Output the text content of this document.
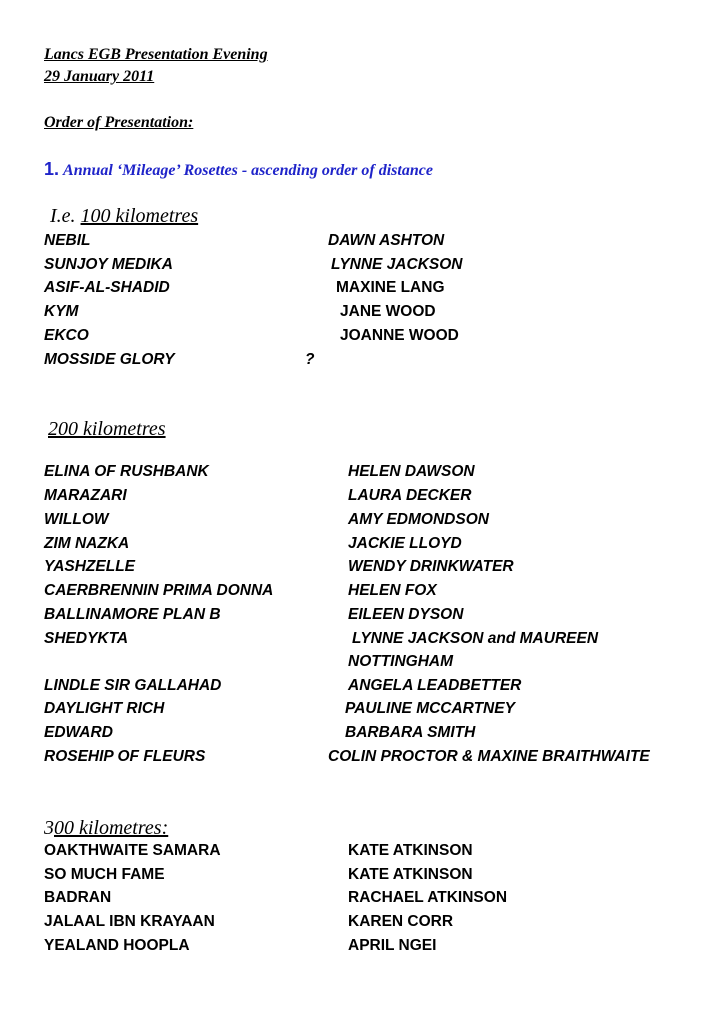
Lancs EGB Presentation Evening
29 January 2011
Order of Presentation:
1. Annual ‘Mileage’ Rosettes - ascending order of distance
I.e. 100 kilometres
NEBIL	DAWN ASHTON
SUNJOY MEDIKA	LYNNE JACKSON
ASIF-AL-SHADID	MAXINE LANG
KYM	JANE WOOD
EKCO	JOANNE WOOD
MOSSIDE GLORY	?
200 kilometres
ELINA OF RUSHBANK	HELEN DAWSON
MARAZARI	LAURA DECKER
WILLOW	AMY EDMONDSON
ZIM NAZKA	JACKIE LLOYD
YASHZELLE	WENDY DRINKWATER
CAERBRENNIN PRIMA DONNA	HELEN FOX
BALLINAMORE PLAN B	EILEEN DYSON
SHEDYKTA	LYNNE JACKSON and MAUREEN
NOTTINGHAM
LINDLE SIR GALLAHAD	ANGELA LEADBETTER
DAYLIGHT RICH	PAULINE MCCARTNEY
EDWARD	BARBARA SMITH
ROSEHIP OF FLEURS	COLIN PROCTOR & MAXINE BRAITHWAITE
300 kilometres:
OAKTHWAITE SAMARA	KATE ATKINSON
SO MUCH FAME	KATE ATKINSON
BADRAN	RACHAEL ATKINSON
JALAAL IBN KRAYAAN	KAREN CORR
YEALAND HOOPLA	APRIL NGEI
